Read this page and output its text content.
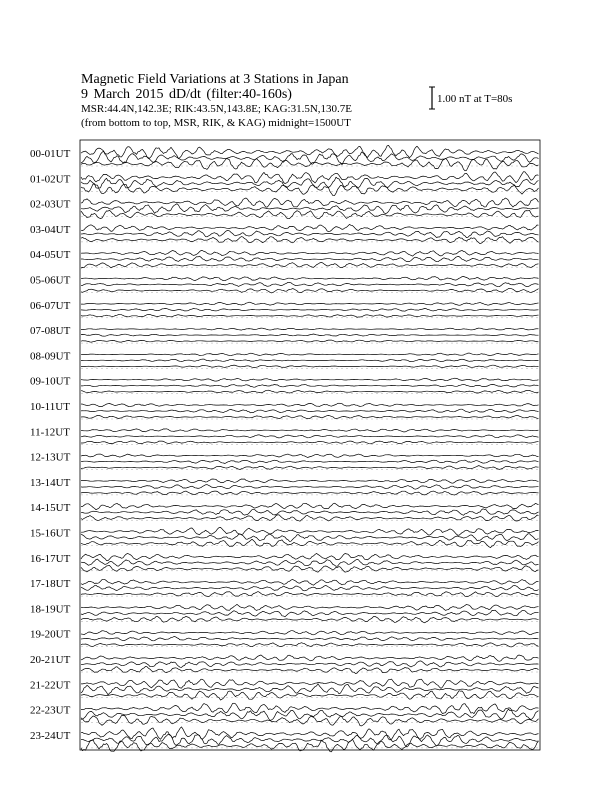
Magnetic Field Variations at 3 Stations in Japan
9 March 2015 dD/dt (filter:40-160s)
MSR:44.4N,142.3E; RIK:43.5N,143.8E; KAG:31.5N,130.7E
(from bottom to top, MSR, RIK, & KAG) midnight=1500UT
1.00 nT at T=80s
00-01UT
01-02UT
02-03UT
03-04UT
04-05UT
05-06UT
06-07UT
07-08UT
08-09UT
09-10UT
10-11UT
11-12UT
12-13UT
13-14UT
14-15UT
15-16UT
16-17UT
17-18UT
18-19UT
19-20UT
20-21UT
21-22UT
22-23UT
23-24UT
